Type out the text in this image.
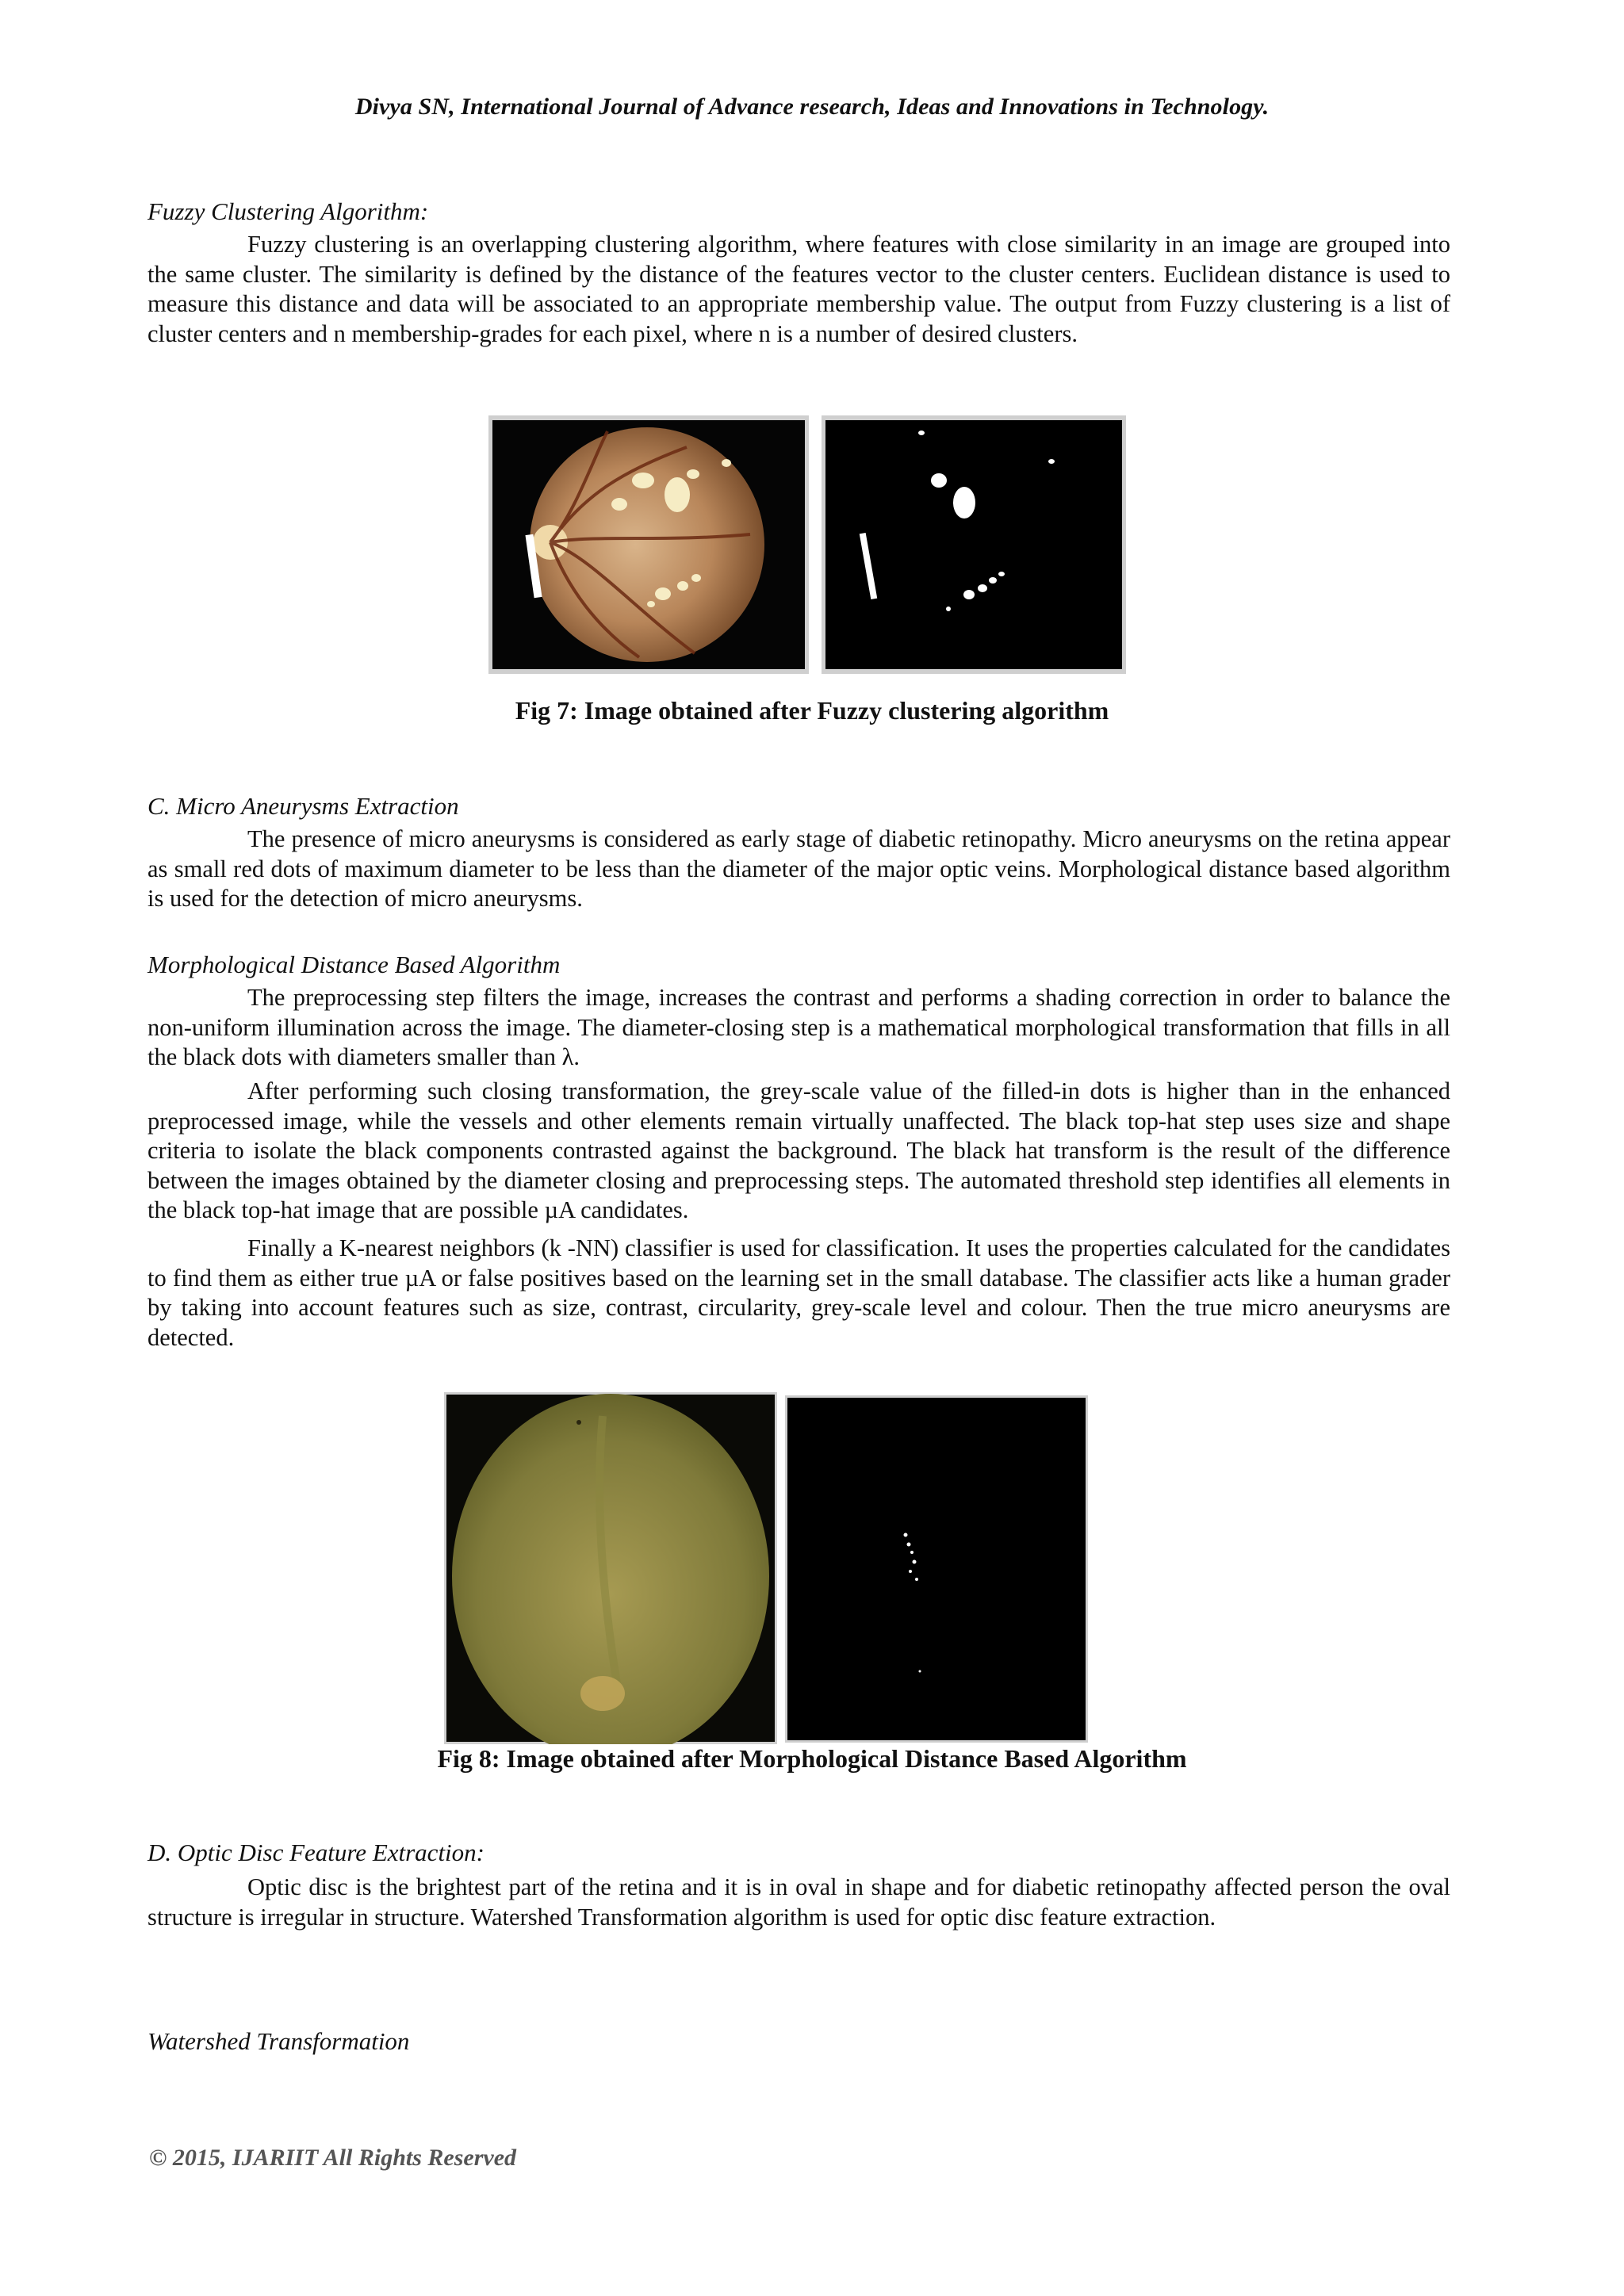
Divya SN, International Journal of Advance research, Ideas and Innovations in Technology.
Fuzzy Clustering Algorithm:
Fuzzy clustering is an overlapping clustering algorithm, where features with close similarity in an image are grouped into the same cluster. The similarity is defined by the distance of the features vector to the cluster centers. Euclidean distance is used to measure this distance and data will be associated to an appropriate membership value. The output from Fuzzy clustering is a list of cluster centers and n membership-grades for each pixel, where n is a number of desired clusters.
Fig 7: Image obtained after Fuzzy clustering algorithm
C. Micro Aneurysms Extraction
The presence of micro aneurysms is considered as early stage of diabetic retinopathy. Micro aneurysms on the retina appear as small red dots of maximum diameter to be less than the diameter of the major optic veins. Morphological distance based algorithm is used for the detection of micro aneurysms.
Morphological Distance Based Algorithm
The preprocessing step filters the image, increases the contrast and performs a shading correction in order to balance the non-uniform illumination across the image. The diameter-closing step is a mathematical morphological transformation that fills in all the black dots with diameters smaller than λ.
After performing such closing transformation, the grey-scale value of the filled-in dots is higher than in the enhanced preprocessed image, while the vessels and other elements remain virtually unaffected. The black top-hat step uses size and shape criteria to isolate the black components contrasted against the background. The black hat transform is the result of the difference between the images obtained by the diameter closing and preprocessing steps. The automated threshold step identifies all elements in the black top-hat image that are possible µA candidates.
Finally a K-nearest neighbors (k -NN) classifier is used for classification. It uses the properties calculated for the candidates to find them as either true µA or false positives based on the learning set in the small database. The classifier acts like a human grader by taking into account features such as size, contrast, circularity, grey-scale level and colour. Then the true micro aneurysms are detected.
Fig 8: Image obtained after Morphological Distance Based Algorithm
D. Optic Disc Feature Extraction:
Optic disc is the brightest part of the retina and it is in oval in shape and for diabetic retinopathy affected person the oval structure is irregular in structure. Watershed Transformation algorithm is used for optic disc feature extraction.
Watershed Transformation
© 2015, IJARIIT All Rights Reserved
